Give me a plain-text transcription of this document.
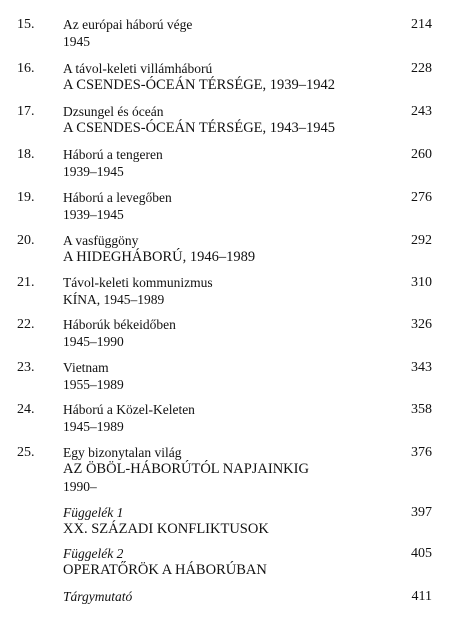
15.	Az európai háború vége
1945
214
16.	A távol-keleti villámháború
A CSENDES-ÓCEÁN TÉRSÉGE, 1939–1942
228
17.	Dzsungel és óceán
A CSENDES-ÓCEÁN TÉRSÉGE, 1943–1945
243
18.	Háború a tengeren
1939–1945
260
19.	Háború a levegőben
1939–1945
276
20.	A vasfüggöny
A HIDEGHÁBORÚ, 1946–1989
292
21.	Távol-keleti kommunizmus
KÍNA, 1945–1989
310
22.	Háborúk békeidőben
1945–1990
326
23.	Vietnam
1955–1989
343
24.	Háború a Közel-Keleten
1945–1989
358
25.	Egy bizonytalan világ
AZ ÖBÖL-HÁBORÚTÓL NAPJAINKIG
1990–
376
Függelék 1
XX. SZÁZADI KONFLIKTUSOK
397
Függelék 2
OPERATŐRÖK A HÁBORÚBAN
405
Tárgymutató	411
